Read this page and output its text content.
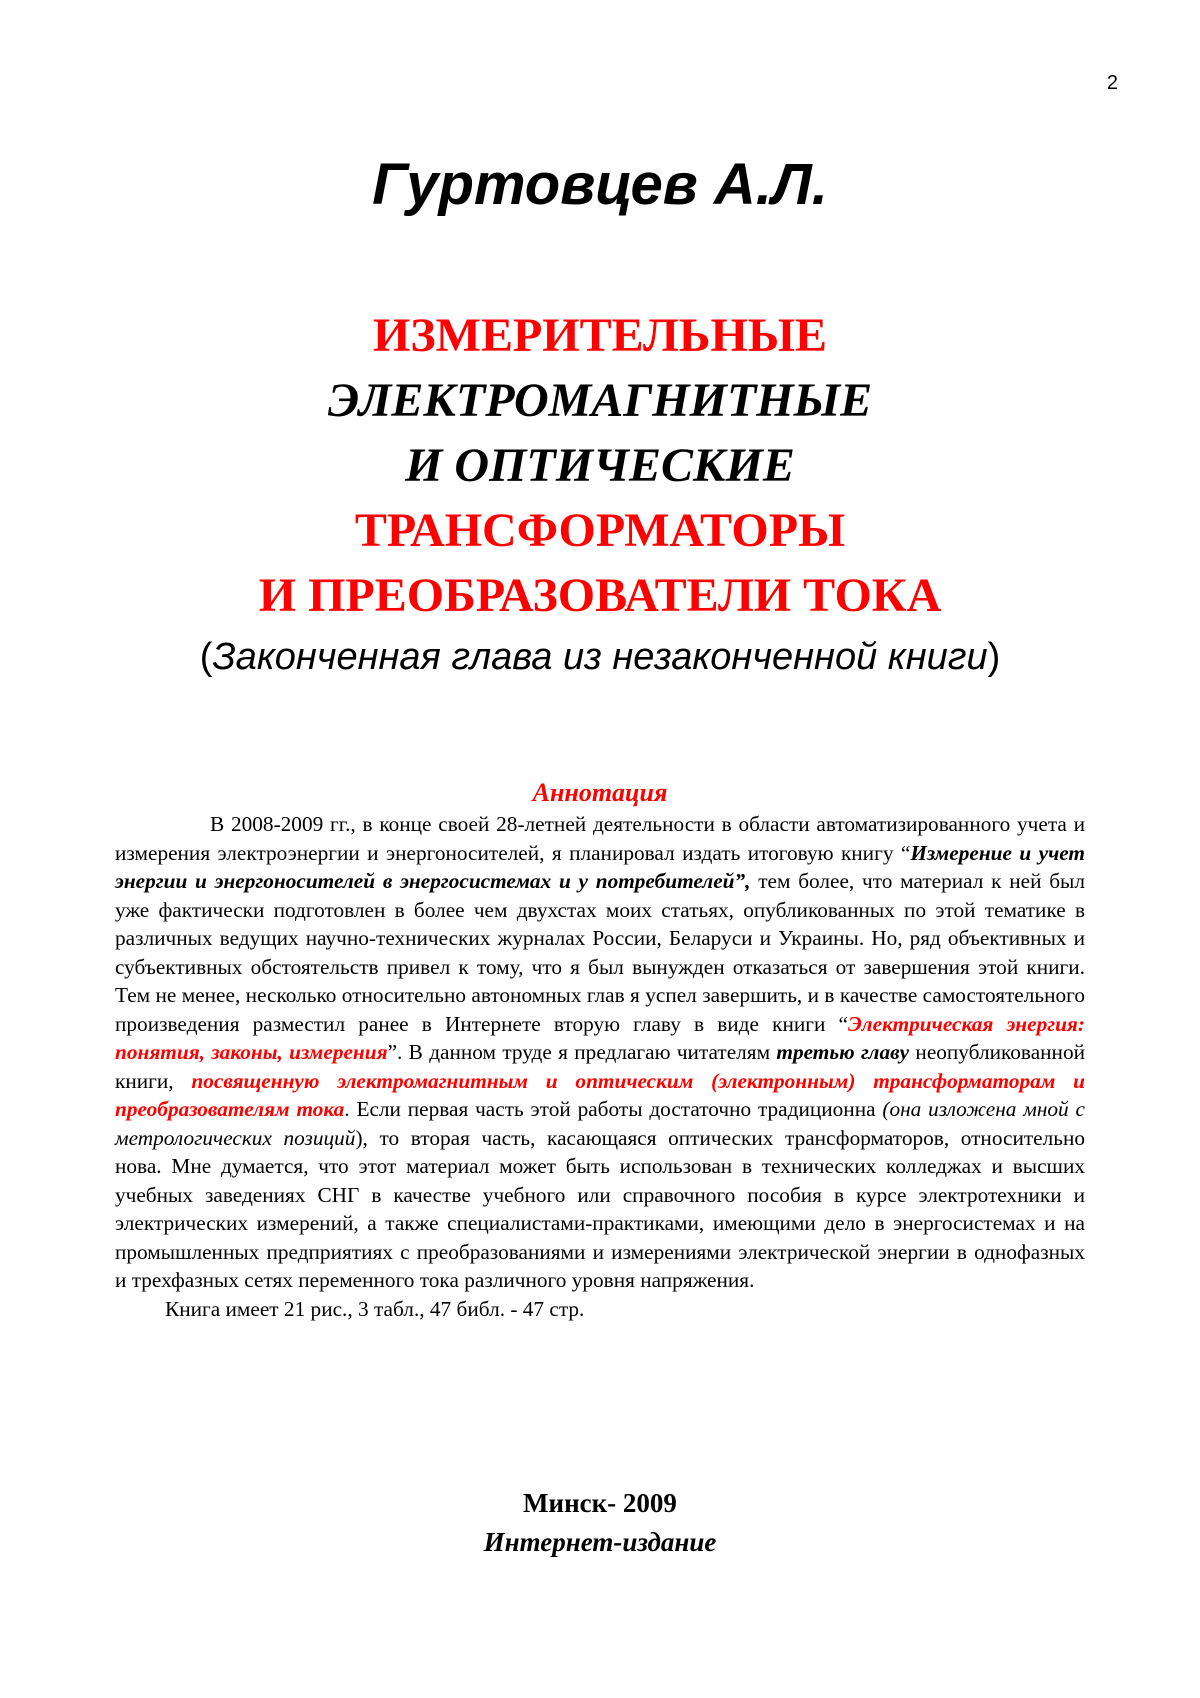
2
Гуртовцев А.Л.
ИЗМЕРИТЕЛЬНЫЕ
ЭЛЕКТРОМАГНИТНЫЕ
И ОПТИЧЕСКИЕ
ТРАНСФОРМАТОРЫ
И ПРЕОБРАЗОВАТЕЛИ ТОКА
(Законченная глава из незаконченной книги)
Аннотация

В 2008-2009 гг., в конце своей 28-летней деятельности в области автоматизированного учета и измерения электроэнергии и энергоносителей, я планировал издать итоговую книгу “Измерение и учет энергии и энергоносителей в энергосистемах и у потребителей”, тем более, что материал к ней был уже фактически подготовлен в более чем двухстах моих статьях, опубликованных по этой тематике в различных ведущих научно-технических журналах России, Беларуси и Украины. Но, ряд объективных и субъективных обстоятельств привел к тому, что я был вынужден отказаться от завершения этой книги. Тем не менее, несколько относительно автономных глав я успел завершить, и в качестве самостоятельного произведения разместил ранее в Интернете вторую главу в виде книги “Электрическая энергия: понятия, законы, измерения”. В данном труде я предлагаю читателям третью главу неопубликованной книги, посвященную электромагнитным и оптическим (электронным) трансформаторам и преобразователям тока. Если первая часть этой работы достаточно традиционна (она изложена мной с метрологических позиций), то вторая часть, касающаяся оптических трансформаторов, относительно нова. Мне думается, что этот материал может быть использован в технических колледжах и высших учебных заведениях СНГ в качестве учебного или справочного пособия в курсе электротехники и электрических измерений, а также специалистами-практиками, имеющими дело в энергосистемах и на промышленных предприятиях с преобразованиями и измерениями электрической энергии в однофазных и трехфазных сетях переменного тока различного уровня напряжения.

Книга имеет 21 рис., 3 табл., 47 библ. - 47 стр.

Минск- 2009
Интернет-издание
